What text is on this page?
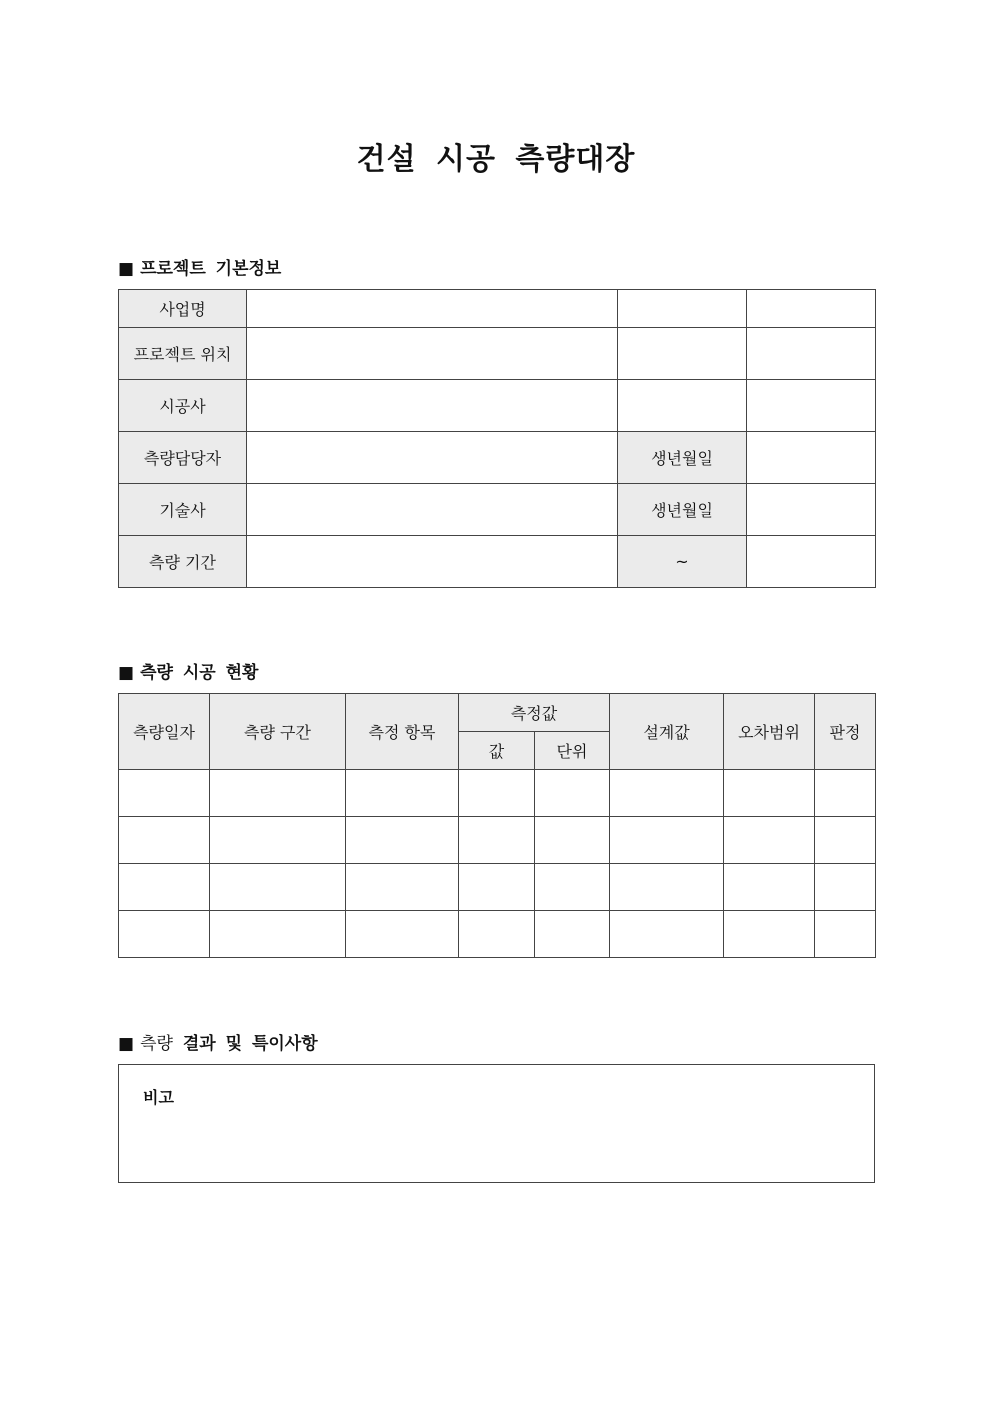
건설 시공 측량대장
■ 프로젝트 기본정보
사업명			
프로젝트 위치			
시공사			
측량담당자		생년월일	
기술사		생년월일	
측량 기간		~	
■ 측량 시공 현황
측량일자	측량 구간	측정 항목	측정값		설계값	오차범위	판정
			값	단위			

■ 측량 결과 및 특이사항
비고
